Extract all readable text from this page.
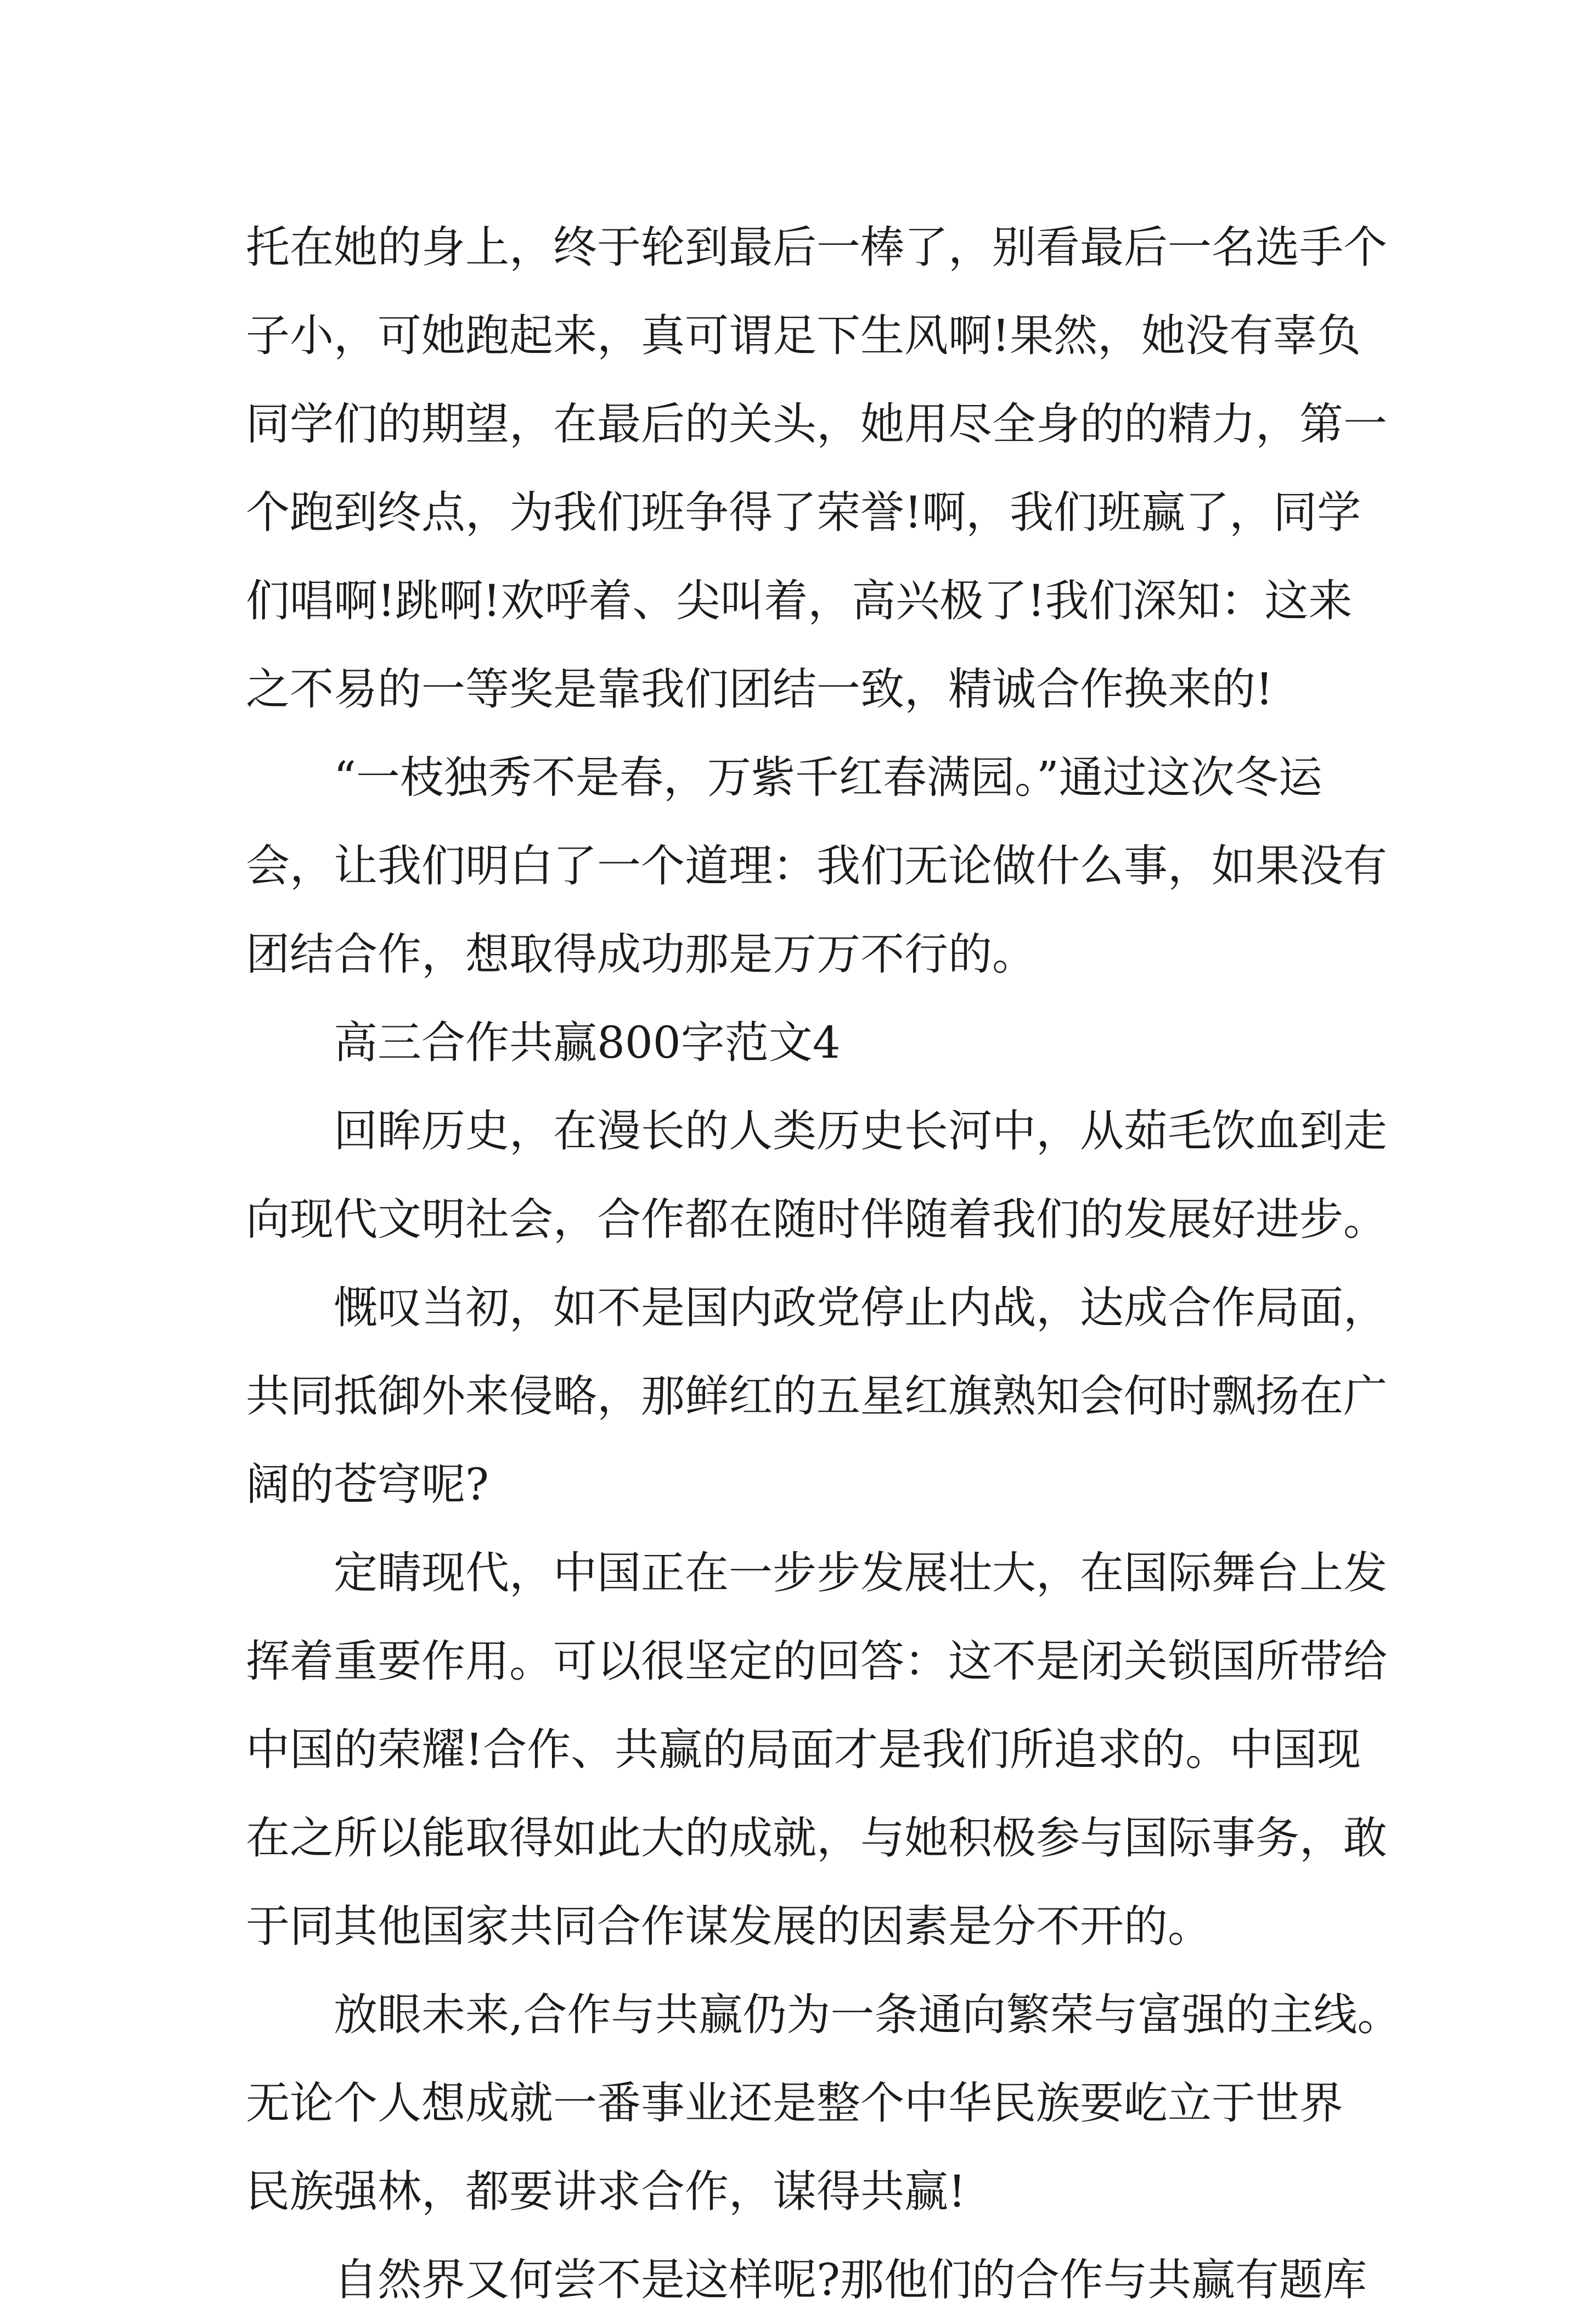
托在她的身上，终于轮到最后一棒了，别看最后一名选手个
子小，可她跑起来，真可谓足下生风啊!果然，她没有辜负
同学们的期望，在最后的关头，她用尽全身的的精力，第一
个跑到终点，为我们班争得了荣誉!啊，我们班赢了，同学
们唱啊!跳啊!欢呼着、尖叫着，高兴极了!我们深知：这来
之不易的一等奖是靠我们团结一致，精诚合作换来的!
“一枝独秀不是春，万紫千红春满园。”通过这次冬运
会，让我们明白了一个道理：我们无论做什么事，如果没有
团结合作，想取得成功那是万万不行的。
高三合作共赢800字范文4
回眸历史，在漫长的人类历史长河中，从茹毛饮血到走
向现代文明社会，合作都在随时伴随着我们的发展好进步。
慨叹当初，如不是国内政党停止内战，达成合作局面，
共同抵御外来侵略，那鲜红的五星红旗熟知会何时飘扬在广
阔的苍穹呢?
定睛现代，中国正在一步步发展壮大，在国际舞台上发
挥着重要作用。可以很坚定的回答：这不是闭关锁国所带给
中国的荣耀!合作、共赢的局面才是我们所追求的。中国现
在之所以能取得如此大的成就，与她积极参与国际事务，敢
于同其他国家共同合作谋发展的因素是分不开的。
放眼未来,合作与共赢仍为一条通向繁荣与富强的主线。
无论个人想成就一番事业还是整个中华民族要屹立于世界
民族强林，都要讲求合作，谋得共赢!
自然界又何尝不是这样呢?那他们的合作与共赢有题库
